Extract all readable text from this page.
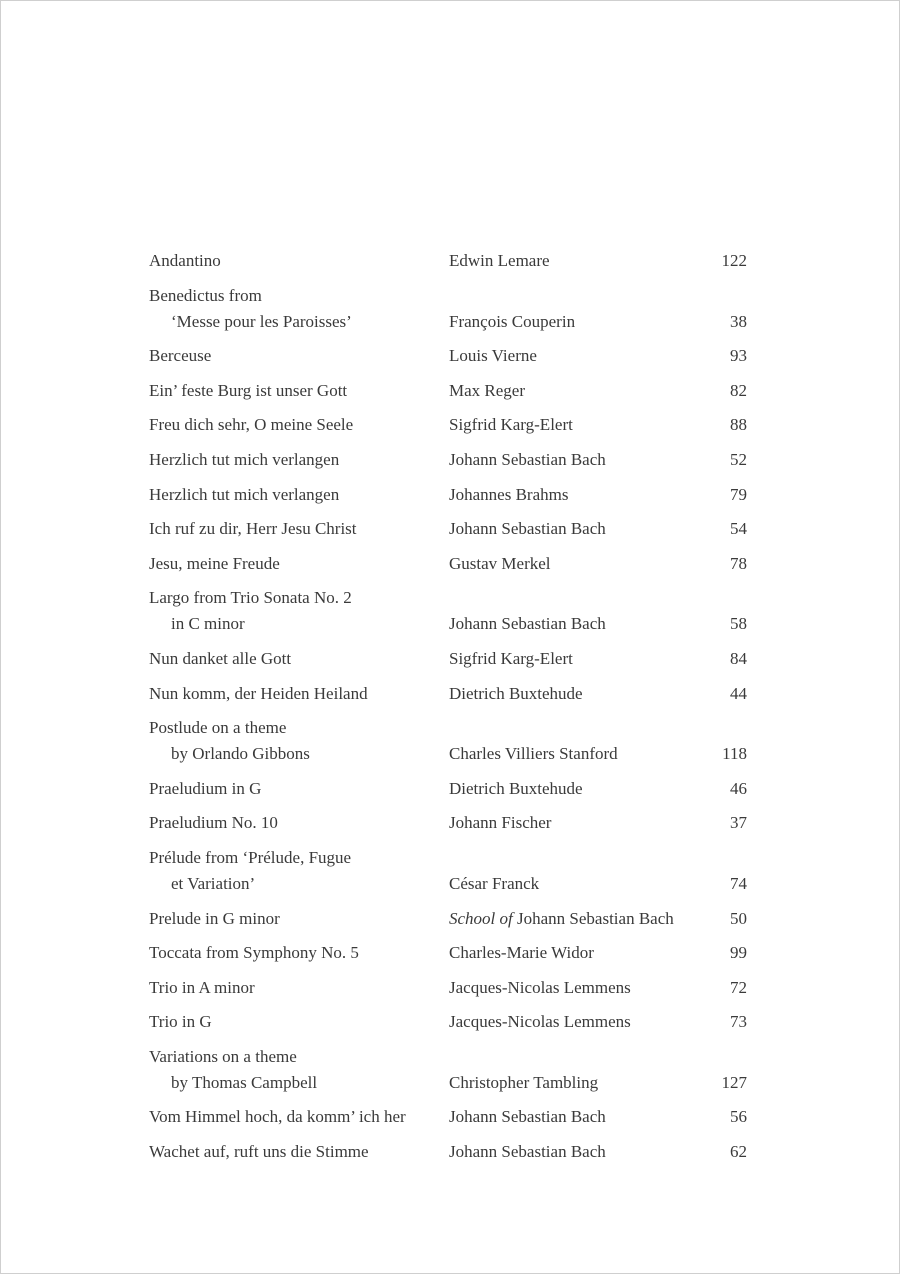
Andantino	Edwin Lemare	122
Benedictus from
‘Messe pour les Paroisses’	François Couperin	38
Berceuse	Louis Vierne	93
Ein’ feste Burg ist unser Gott	Max Reger	82
Freu dich sehr, O meine Seele	Sigfrid Karg-Elert	88
Herzlich tut mich verlangen	Johann Sebastian Bach	52
Herzlich tut mich verlangen	Johannes Brahms	79
Ich ruf zu dir, Herr Jesu Christ	Johann Sebastian Bach	54
Jesu, meine Freude	Gustav Merkel	78
Largo from Trio Sonata No. 2
in C minor	Johann Sebastian Bach	58
Nun danket alle Gott	Sigfrid Karg-Elert	84
Nun komm, der Heiden Heiland	Dietrich Buxtehude	44
Postlude on a theme
by Orlando Gibbons	Charles Villiers Stanford	118
Praeludium in G	Dietrich Buxtehude	46
Praeludium No. 10	Johann Fischer	37
Prélude from ‘Prélude, Fugue
et Variation’	César Franck	74
Prelude in G minor	School of Johann Sebastian Bach	50
Toccata from Symphony No. 5	Charles-Marie Widor	99
Trio in A minor	Jacques-Nicolas Lemmens	72
Trio in G	Jacques-Nicolas Lemmens	73
Variations on a theme
by Thomas Campbell	Christopher Tambling	127
Vom Himmel hoch, da komm’ ich her	Johann Sebastian Bach	56
Wachet auf, ruft uns die Stimme	Johann Sebastian Bach	62
